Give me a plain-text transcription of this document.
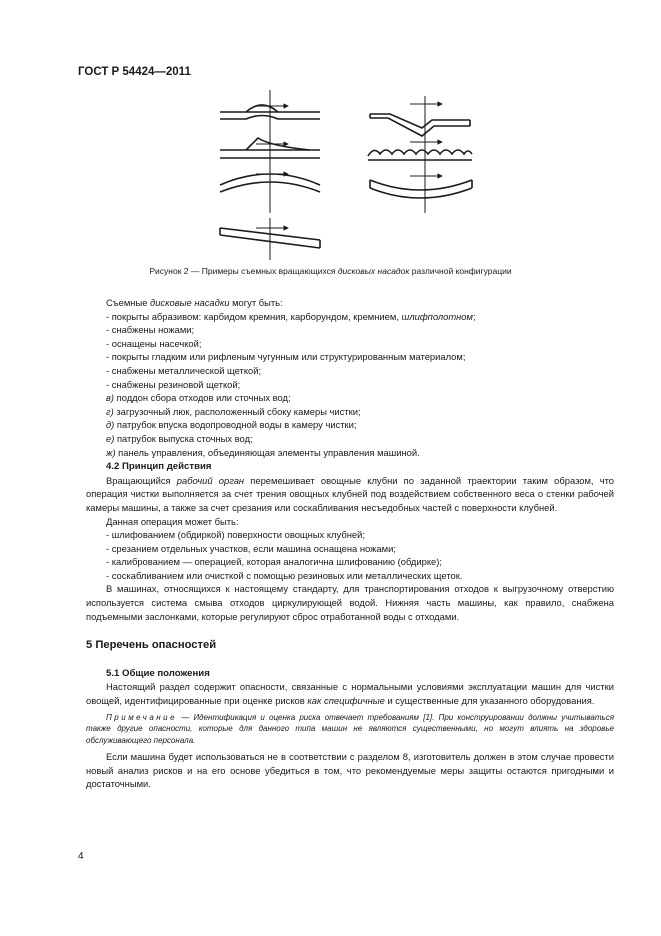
ГОСТ Р 54424—2011
Рисунок 2 — Примеры съемных вращающихся дисковых насадок различной конфигурации

Съемные дисковые насадки могут быть:

- покрыты абразивом: карбидом кремния, карборундом, кремнием, шлифполотном;

- снабжены ножами;

- оснащены насечкой;

- покрыты гладким или рифленым чугунным или структурированным материалом;

- снабжены металлической щеткой;

- снабжены резиновой щеткой;

в) поддон сбора отходов или сточных вод;

г) загрузочный люк, расположенный сбоку камеры чистки;

д) патрубок впуска водопроводной воды в камеру чистки;

е) патрубок выпуска сточных вод;

ж) панель управления, объединяющая элементы управления машиной.

4.2 Принцип действия

Вращающийся рабочий орган перемешивает овощные клубни по заданной траектории таким образом, что операция чистки выполняется за счет трения овощных клубней под воздействием собственного веса о стенки рабочей камеры машины, а также за счет срезания или соскабливания несъедобных частей с поверхности клубней.

Данная операция может быть:

- шлифованием (обдиркой) поверхности овощных клубней;

- срезанием отдельных участков, если машина оснащена ножами;

- калиброванием — операцией, которая аналогична шлифованию (обдирке);

- соскабливанием или очисткой с помощью резиновых или металлических щеток.

В машинах, относящихся к настоящему стандарту, для транспортирования отходов к выгрузочному отверстию используется система смыва отходов циркулирующей водой. Нижняя часть машины, как правило, снабжена подъемными заслонками, которые регулируют сброс отработанной воды с отходами.

5 Перечень опасностей

5.1 Общие положения

Настоящий раздел содержит опасности, связанные с нормальными условиями эксплуатации машин для чистки овощей, идентифицированные при оценке рисков как специфичные и существенные для указанного оборудования.

Примечание — Идентификация и оценка риска отвечает требованиям [1]. При конструировании должны учитываться также другие опасности, которые для данного типа машин не являются существенными, но могут влиять на здоровье обслуживающего персонала.

Если машина будет использоваться не в соответствии с разделом 8, изготовитель должен в этом случае провести новый анализ рисков и на его основе убедиться в том, что рекомендуемые меры защиты остаются пригодными и достаточными.

4
